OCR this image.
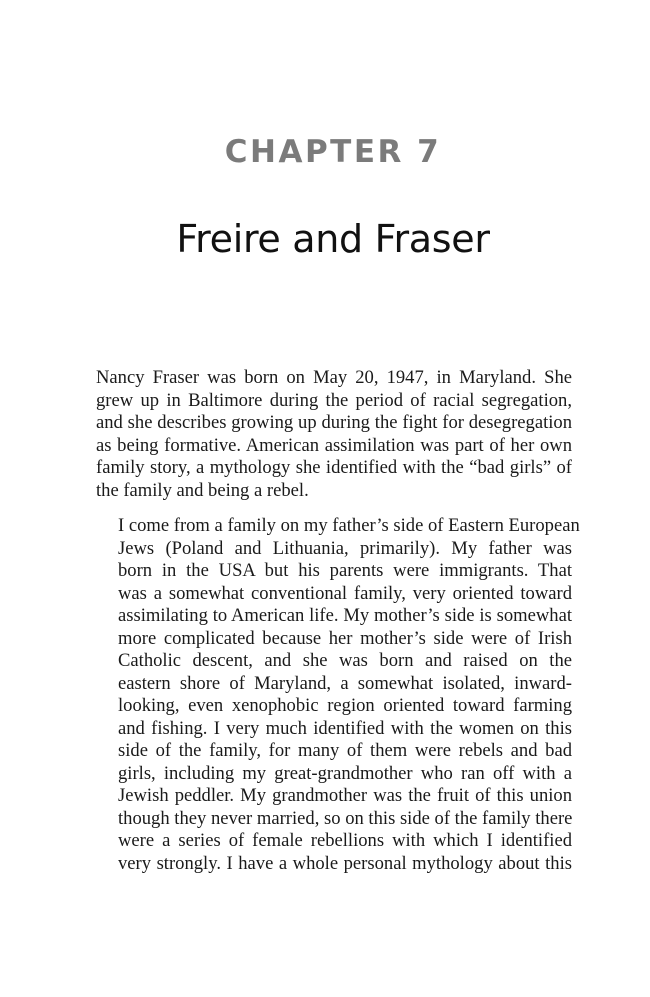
CHAPTER 7
Freire and Fraser
Nancy Fraser was born on May 20, 1947, in Maryland. She
grew up in Baltimore during the period of racial segregation,
and she describes growing up during the fight for desegregation
as being formative. American assimilation was part of her own
family story, a mythology she identified with the “bad girls” of
the family and being a rebel.
I come from a family on my father’s side of Eastern European
Jews (Poland and Lithuania, primarily). My father was
born in the USA but his parents were immigrants. That
was a somewhat conventional family, very oriented toward
assimilating to American life. My mother’s side is somewhat
more complicated because her mother’s side were of Irish
Catholic descent, and she was born and raised on the
eastern shore of Maryland, a somewhat isolated, inward-
looking, even xenophobic region oriented toward farming
and fishing. I very much identified with the women on this
side of the family, for many of them were rebels and bad
girls, including my great-grandmother who ran off with a
Jewish peddler. My grandmother was the fruit of this union
though they never married, so on this side of the family there
were a series of female rebellions with which I identified
very strongly. I have a whole personal mythology about this
